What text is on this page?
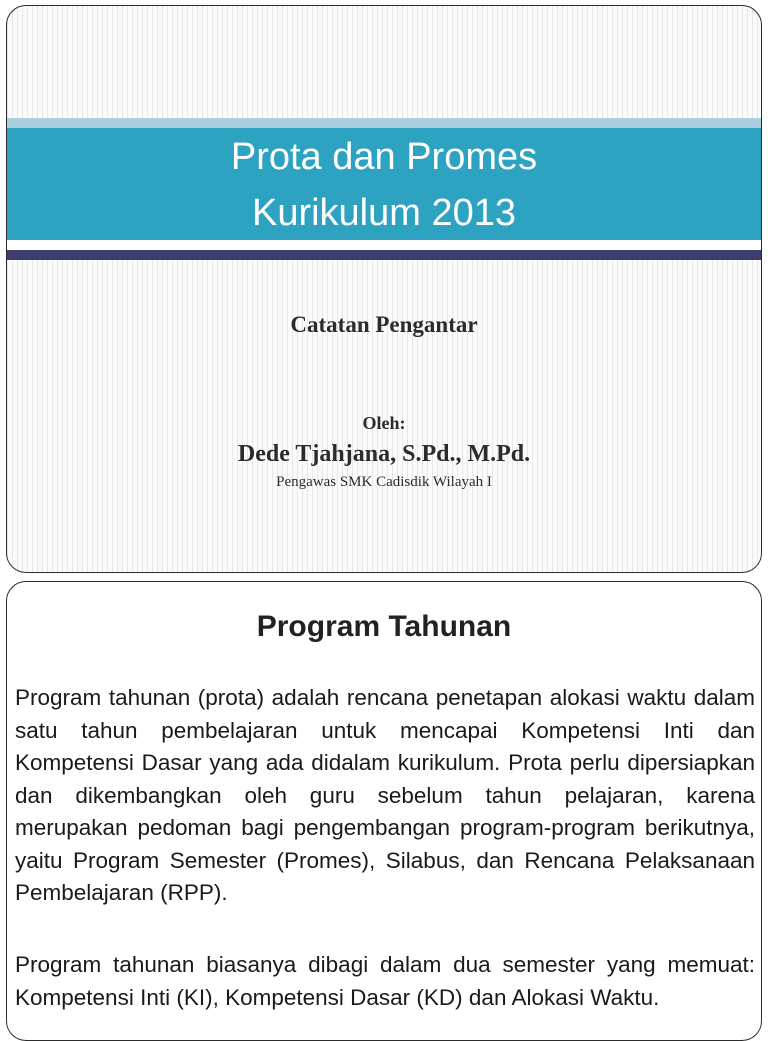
Prota dan Promes
Kurikulum 2013
Catatan Pengantar
Oleh:
Dede Tjahjana, S.Pd., M.Pd.
Pengawas SMK Cadisdik Wilayah I
Program Tahunan

Program tahunan (prota) adalah rencana penetapan alokasi waktu dalam satu tahun pembelajaran untuk mencapai Kompetensi Inti dan Kompetensi Dasar yang ada didalam kurikulum. Prota perlu dipersiapkan dan dikembangkan oleh guru sebelum tahun pelajaran, karena merupakan pedoman bagi pengembangan program-program berikutnya, yaitu Program Semester (Promes), Silabus, dan Rencana Pelaksanaan Pembelajaran (RPP).

Program tahunan biasanya dibagi dalam dua semester yang memuat: Kompetensi Inti (KI), Kompetensi Dasar (KD) dan Alokasi Waktu.
